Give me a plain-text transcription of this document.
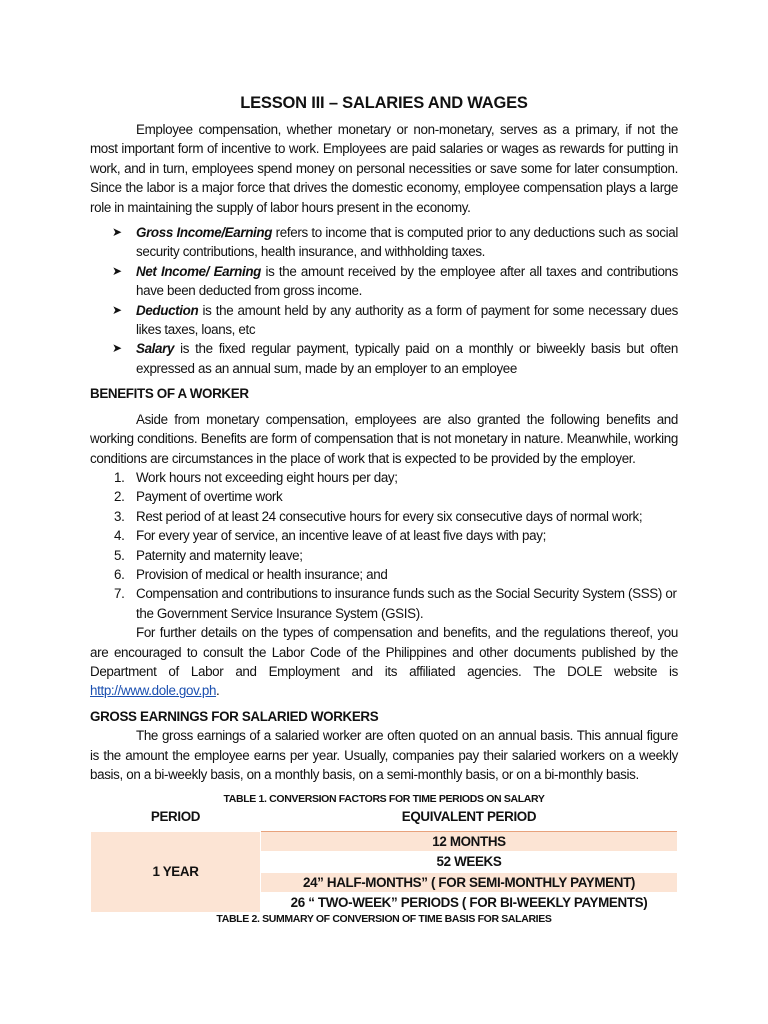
LESSON III – SALARIES AND WAGES

Employee compensation, whether monetary or non-monetary, serves as a primary, if not the most important form of incentive to work. Employees are paid salaries or wages as rewards for putting in work, and in turn, employees spend money on personal necessities or save some for later consumption. Since the labor is a major force that drives the domestic economy, employee compensation plays a large role in maintaining the supply of labor hours present in the economy.

➤ Gross Income/Earning refers to income that is computed prior to any deductions such as social security contributions, health insurance, and withholding taxes.
➤ Net Income/ Earning is the amount received by the employee after all taxes and contributions have been deducted from gross income.
➤ Deduction is the amount held by any authority as a form of payment for some necessary dues likes taxes, loans, etc
➤ Salary is the fixed regular payment, typically paid on a monthly or biweekly basis but often expressed as an annual sum, made by an employer to an employee
BENEFITS OF A WORKER

Aside from monetary compensation, employees are also granted the following benefits and working conditions. Benefits are form of compensation that is not monetary in nature. Meanwhile, working conditions are circumstances in the place of work that is expected to be provided by the employer.

1. Work hours not exceeding eight hours per day;
2. Payment of overtime work
3. Rest period of at least 24 consecutive hours for every six consecutive days of normal work;
4. For every year of service, an incentive leave of at least five days with pay;
5. Paternity and maternity leave;
6. Provision of medical or health insurance; and
7. Compensation and contributions to insurance funds such as the Social Security System (SSS) or the Government Service Insurance System (GSIS).

For further details on the types of compensation and benefits, and the regulations thereof, you are encouraged to consult the Labor Code of the Philippines and other documents published by the Department of Labor and Employment and its affiliated agencies. The DOLE website is http://www.dole.gov.ph.

GROSS EARNINGS FOR SALARIED WORKERS

The gross earnings of a salaried worker are often quoted on an annual basis. This annual figure is the amount the employee earns per year. Usually, companies pay their salaried workers on a weekly basis, on a bi-weekly basis, on a monthly basis, on a semi-monthly basis, or on a bi-monthly basis.

TABLE 1. CONVERSION FACTORS FOR TIME PERIODS ON SALARY
PERIOD	EQUIVALENT PERIOD
1 YEAR	12 MONTHS
	52 WEEKS
	24” HALF-MONTHS” ( FOR SEMI-MONTHLY PAYMENT)
	26 “ TWO-WEEK” PERIODS ( FOR BI-WEEKLY PAYMENTS)
TABLE 2. SUMMARY OF CONVERSION OF TIME BASIS FOR SALARIES
